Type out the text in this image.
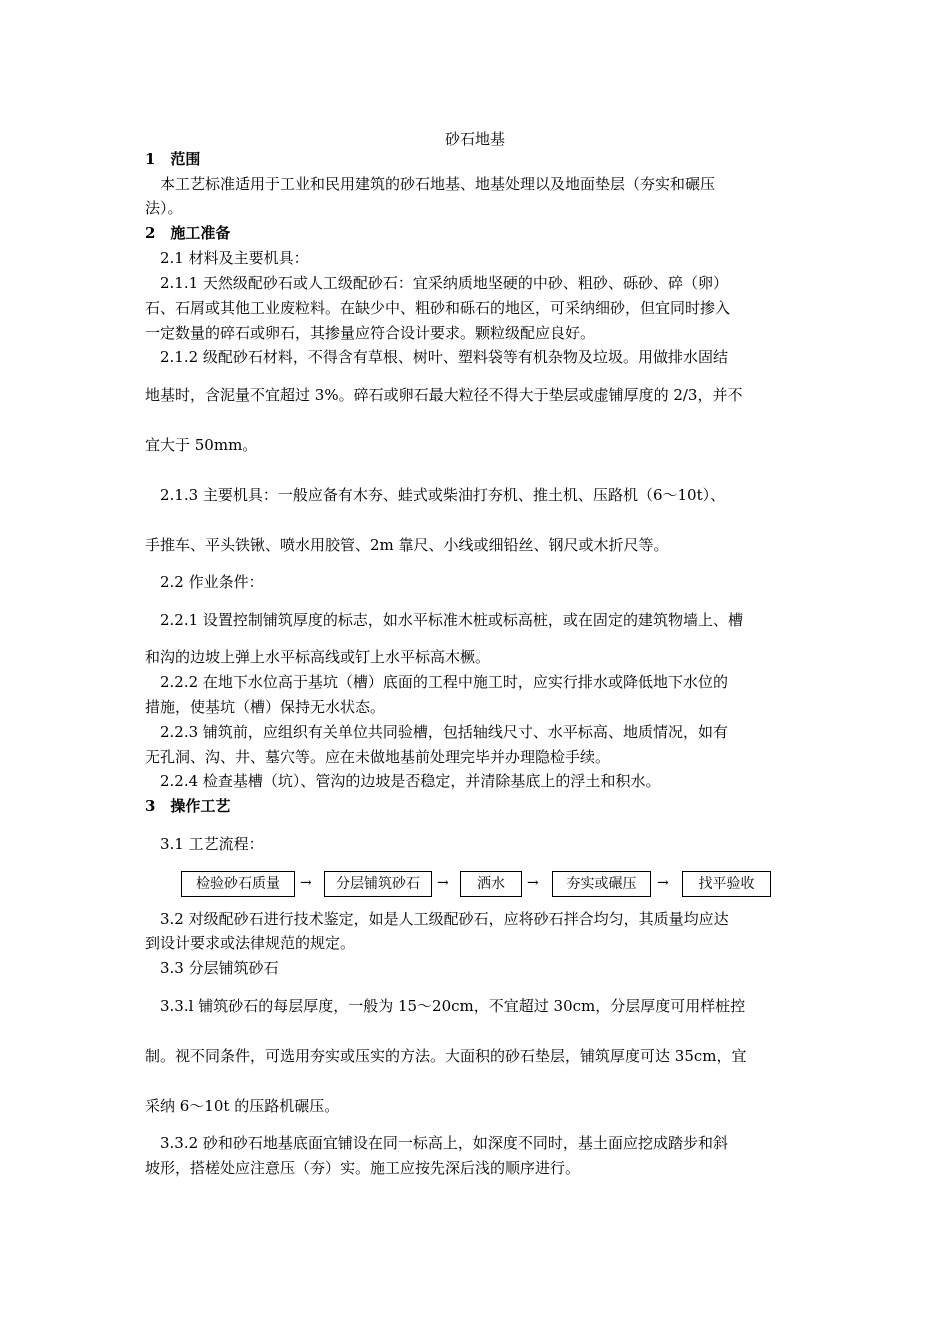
砂石地基
1　范围
　本工艺标准适用于工业和民用建筑的砂石地基、地基处理以及地面垫层（夯实和碾压
法）。
2　施工准备
　2.1 材料及主要机具：
　2.1.1 天然级配砂石或人工级配砂石：宜采纳质地坚硬的中砂、粗砂、砾砂、碎（卵）
石、石屑或其他工业废粒料。在缺少中、粗砂和砾石的地区，可采纳细砂，但宜同时掺入
一定数量的碎石或卵石，其掺量应符合设计要求。颗粒级配应良好。
　2.1.2 级配砂石材料，不得含有草根、树叶、塑料袋等有机杂物及垃圾。用做排水固结
地基时，含泥量不宜超过 3%。碎石或卵石最大粒径不得大于垫层或虚铺厚度的 2/3，并不
宜大于 50mm。
　2.1.3 主要机具：一般应备有木夯、蛙式或柴油打夯机、推土机、压路机（6～10t）、
手推车、平头铁锹、喷水用胶管、2m 靠尺、小线或细铅丝、钢尺或木折尺等。
　2.2 作业条件：
　2.2.1 设置控制铺筑厚度的标志，如水平标准木桩或标高桩，或在固定的建筑物墙上、槽
和沟的边坡上弹上水平标高线或钉上水平标高木橛。
　2.2.2 在地下水位高于基坑（槽）底面的工程中施工时，应实行排水或降低地下水位的
措施，使基坑（槽）保持无水状态。
　2.2.3 铺筑前，应组织有关单位共同验槽，包括轴线尺寸、水平标高、地质情况，如有
无孔洞、沟、井、墓穴等。应在未做地基前处理完毕并办理隐检手续。
　2.2.4 检查基槽（坑）、管沟的边坡是否稳定，并清除基底上的浮土和积水。
3　操作工艺
　3.1 工艺流程：
检验砂石质量	→	分层铺筑砂石	→	洒水	→	夯实或碾压	→	找平验收
　3.2 对级配砂石进行技术鉴定，如是人工级配砂石，应将砂石拌合均匀，其质量均应达
到设计要求或法律规范的规定。
　3.3 分层铺筑砂石
　3.3.l 铺筑砂石的每层厚度，一般为 15～20cm，不宜超过 30cm，分层厚度可用样桩控
制。视不同条件，可选用夯实或压实的方法。大面积的砂石垫层，铺筑厚度可达 35cm，宜
采纳 6～10t 的压路机碾压。
　3.3.2 砂和砂石地基底面宜铺设在同一标高上，如深度不同时，基土面应挖成踏步和斜
坡形，搭槎处应注意压（夯）实。施工应按先深后浅的顺序进行。
